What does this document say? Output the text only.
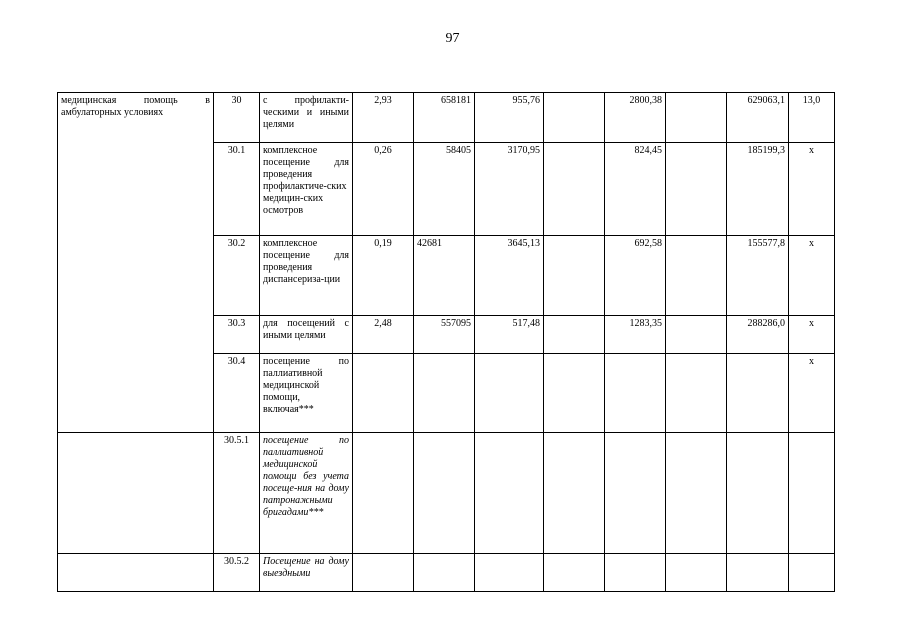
97
медицинская помощь в амбулаторных условиях	30	с профилакти-ческими и иными целями	2,93	658181	955,76		2800,38		629063,1	13,0
	30.1	комплексное посещение для проведения профилактиче-ских медицин-ских осмотров	0,26	58405	3170,95		824,45		185199,3	х
	30.2	комплексное посещение для проведения диспансериза-ции	0,19	42681	3645,13		692,58		155577,8	х
	30.3	для посещений с иными целями	2,48	557095	517,48		1283,35		288286,0	х
	30.4	посещение по паллиативной медицинской помощи, включая***								х
	30.5.1	посещение по паллиативной медицинской помощи без учета посеще-ния на дому патронажными бригадами***								
	30.5.2	Посещение на дому выездными								
